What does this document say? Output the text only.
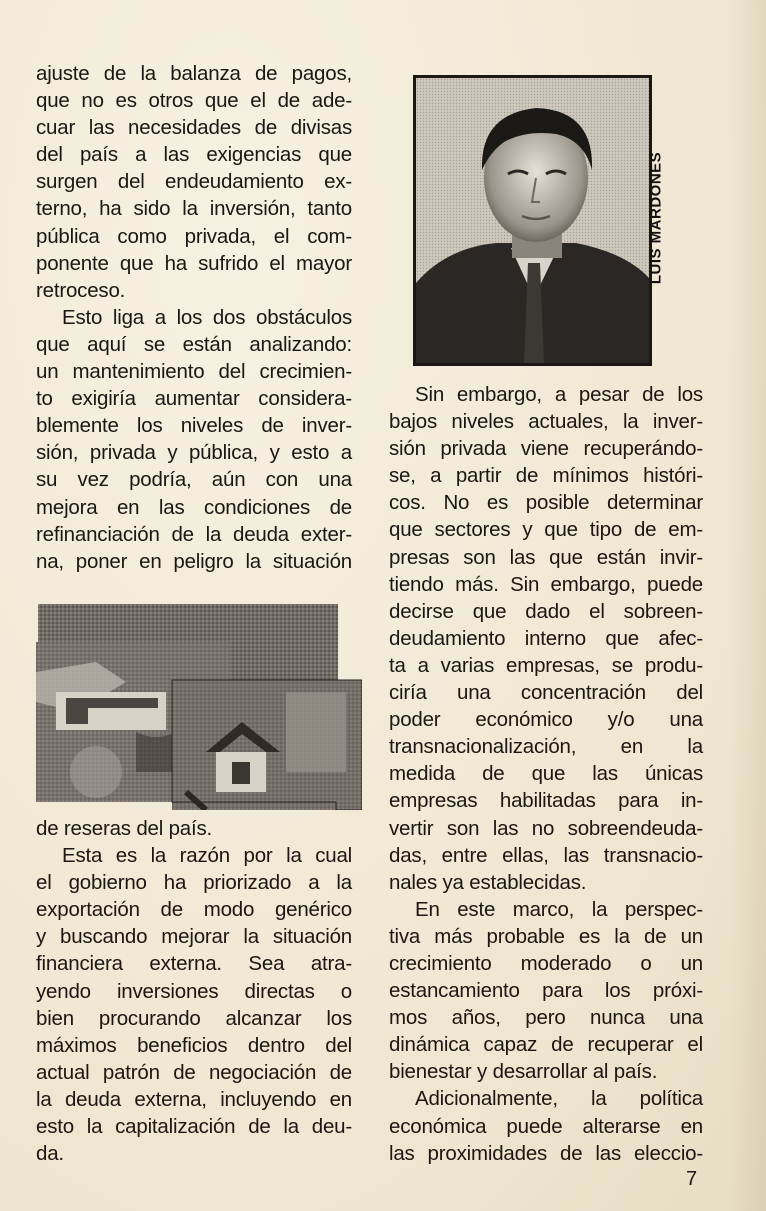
ajuste de la balanza de pagos,
que no es otros que el de ade-
cuar las necesidades de divisas
del país a las exigencias que
surgen del endeudamiento ex-
terno, ha sido la inversión, tanto
pública como privada, el com-
ponente que ha sufrido el mayor
retroceso.

Esto liga a los dos obstáculos
que aquí se están analizando:
un mantenimiento del crecimien-
to exigiría aumentar considera-
blemente los niveles de inver-
sión, privada y pública, y esto a
su vez podría, aún con una
mejora en las condiciones de
refinanciación de la deuda exter-
na, poner en peligro la situación

de reseras del país.

Esta es la razón por la cual
el gobierno ha priorizado a la
exportación de modo genérico
y buscando mejorar la situación
financiera externa. Sea atra-
yendo inversiones directas o
bien procurando alcanzar los
máximos beneficios dentro del
actual patrón de negociación de
la deuda externa, incluyendo en
esto la capitalización de la deu-
da.

LUIS MARDONES

Sin embargo, a pesar de los
bajos niveles actuales, la inver-
sión privada viene recuperándo-
se, a partir de mínimos históri-
cos. No es posible determinar
que sectores y que tipo de em-
presas son las que están invir-
tiendo más. Sin embargo, puede
decirse que dado el sobreen-
deudamiento interno que afec-
ta a varias empresas, se produ-
ciría una concentración del
poder económico y/o una
transnacionalización, en la
medida de que las únicas
empresas habilitadas para in-
vertir son las no sobreendeuda-
das, entre ellas, las transnacio-
nales ya establecidas.

En este marco, la perspec-
tiva más probable es la de un
crecimiento moderado o un
estancamiento para los próxi-
mos años, pero nunca una
dinámica capaz de recuperar el
bienestar y desarrollar al país.

Adicionalmente, la política
económica puede alterarse en
las proximidades de las eleccio-

7
